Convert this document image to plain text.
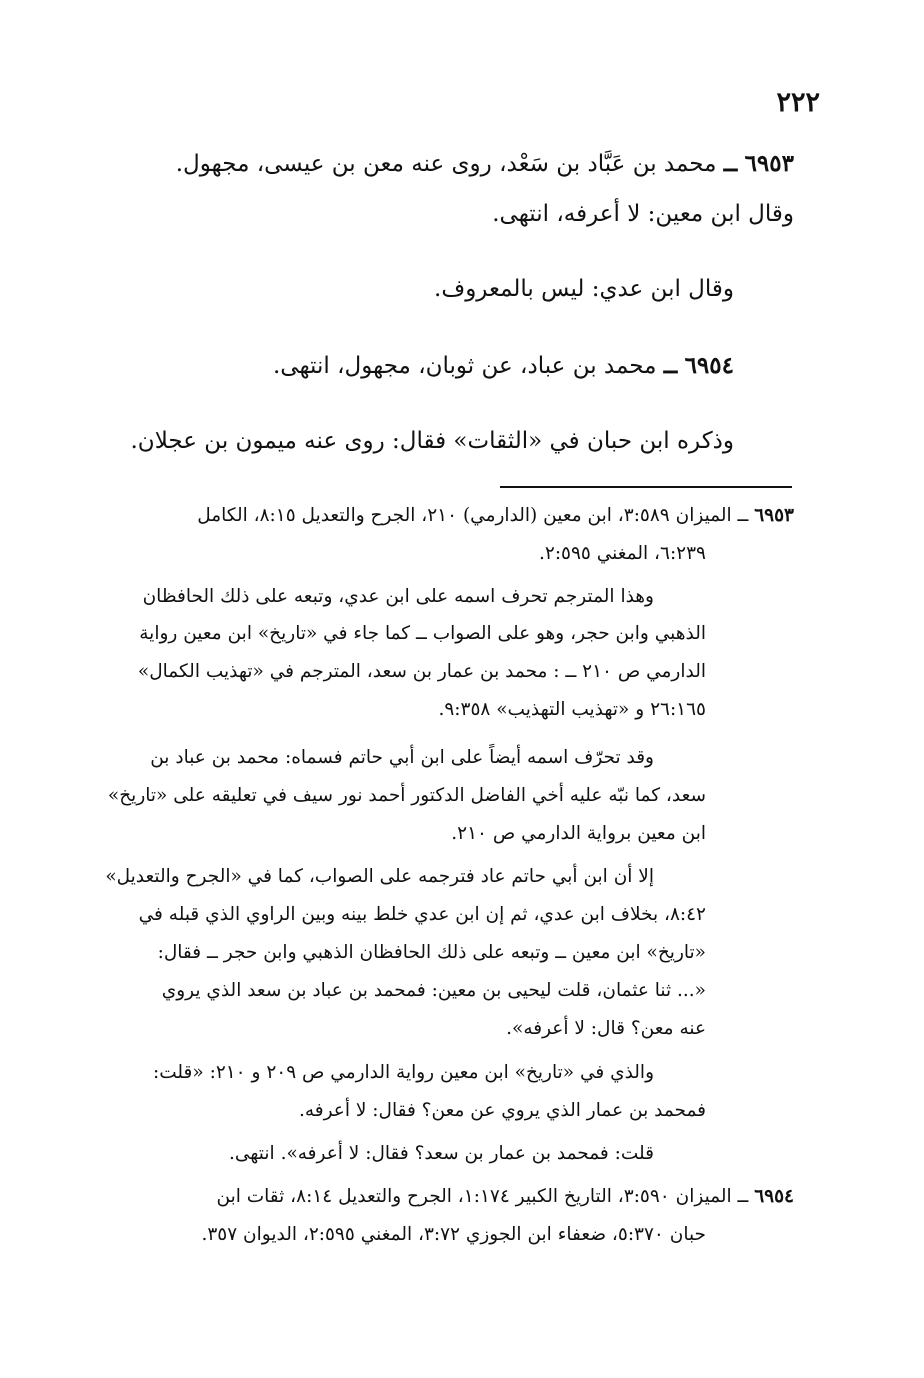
٢٢٢
٦٩٥٣ ــ محمد بن عَبَّاد بن سَعْد، روى عنه معن بن عيسى، مجهول.
وقال ابن معين: لا أعرفه، انتهى.
وقال ابن عدي: ليس بالمعروف.
٦٩٥٤ ــ محمد بن عباد، عن ثوبان، مجهول، انتهى.
وذكره ابن حبان في «الثقات» فقال: روى عنه ميمون بن عجلان.
٦٩٥٣ ــ الميزان ٣:٥٨٩، ابن معين (الدارمي) ٢١٠، الجرح والتعديل ٨:١٥، الكامل
٦:٢٣٩، المغني ٢:٥٩٥.
وهذا المترجم تحرف اسمه على ابن عدي، وتبعه على ذلك الحافظان
الذهبي وابن حجر، وهو على الصواب ــ كما جاء في «تاريخ» ابن معين رواية
الدارمي ص ٢١٠ ــ : محمد بن عمار بن سعد، المترجم في «تهذيب الكمال»
٢٦:١٦٥ و «تهذيب التهذيب» ٩:٣٥٨.
وقد تحرّف اسمه أيضاً على ابن أبي حاتم فسماه: محمد بن عباد بن
سعد، كما نبّه عليه أخي الفاضل الدكتور أحمد نور سيف في تعليقه على «تاريخ»
ابن معين برواية الدارمي ص ٢١٠.
إلا أن ابن أبي حاتم عاد فترجمه على الصواب، كما في «الجرح والتعديل»
٨:٤٢، بخلاف ابن عدي، ثم إن ابن عدي خلط بينه وبين الراوي الذي قبله في
«تاريخ» ابن معين ــ وتبعه على ذلك الحافظان الذهبي وابن حجر ــ فقال:
«... ثنا عثمان، قلت ليحيى بن معين: فمحمد بن عباد بن سعد الذي يروي
عنه معن؟ قال: لا أعرفه».
والذي في «تاريخ» ابن معين رواية الدارمي ص ٢٠٩ و ٢١٠: «قلت:
فمحمد بن عمار الذي يروي عن معن؟ فقال: لا أعرفه.
قلت: فمحمد بن عمار بن سعد؟ فقال: لا أعرفه». انتهى.
٦٩٥٤ ــ الميزان ٣:٥٩٠، التاريخ الكبير ١:١٧٤، الجرح والتعديل ٨:١٤، ثقات ابن
حبان ٥:٣٧٠، ضعفاء ابن الجوزي ٣:٧٢، المغني ٢:٥٩٥، الديوان ٣٥٧.
